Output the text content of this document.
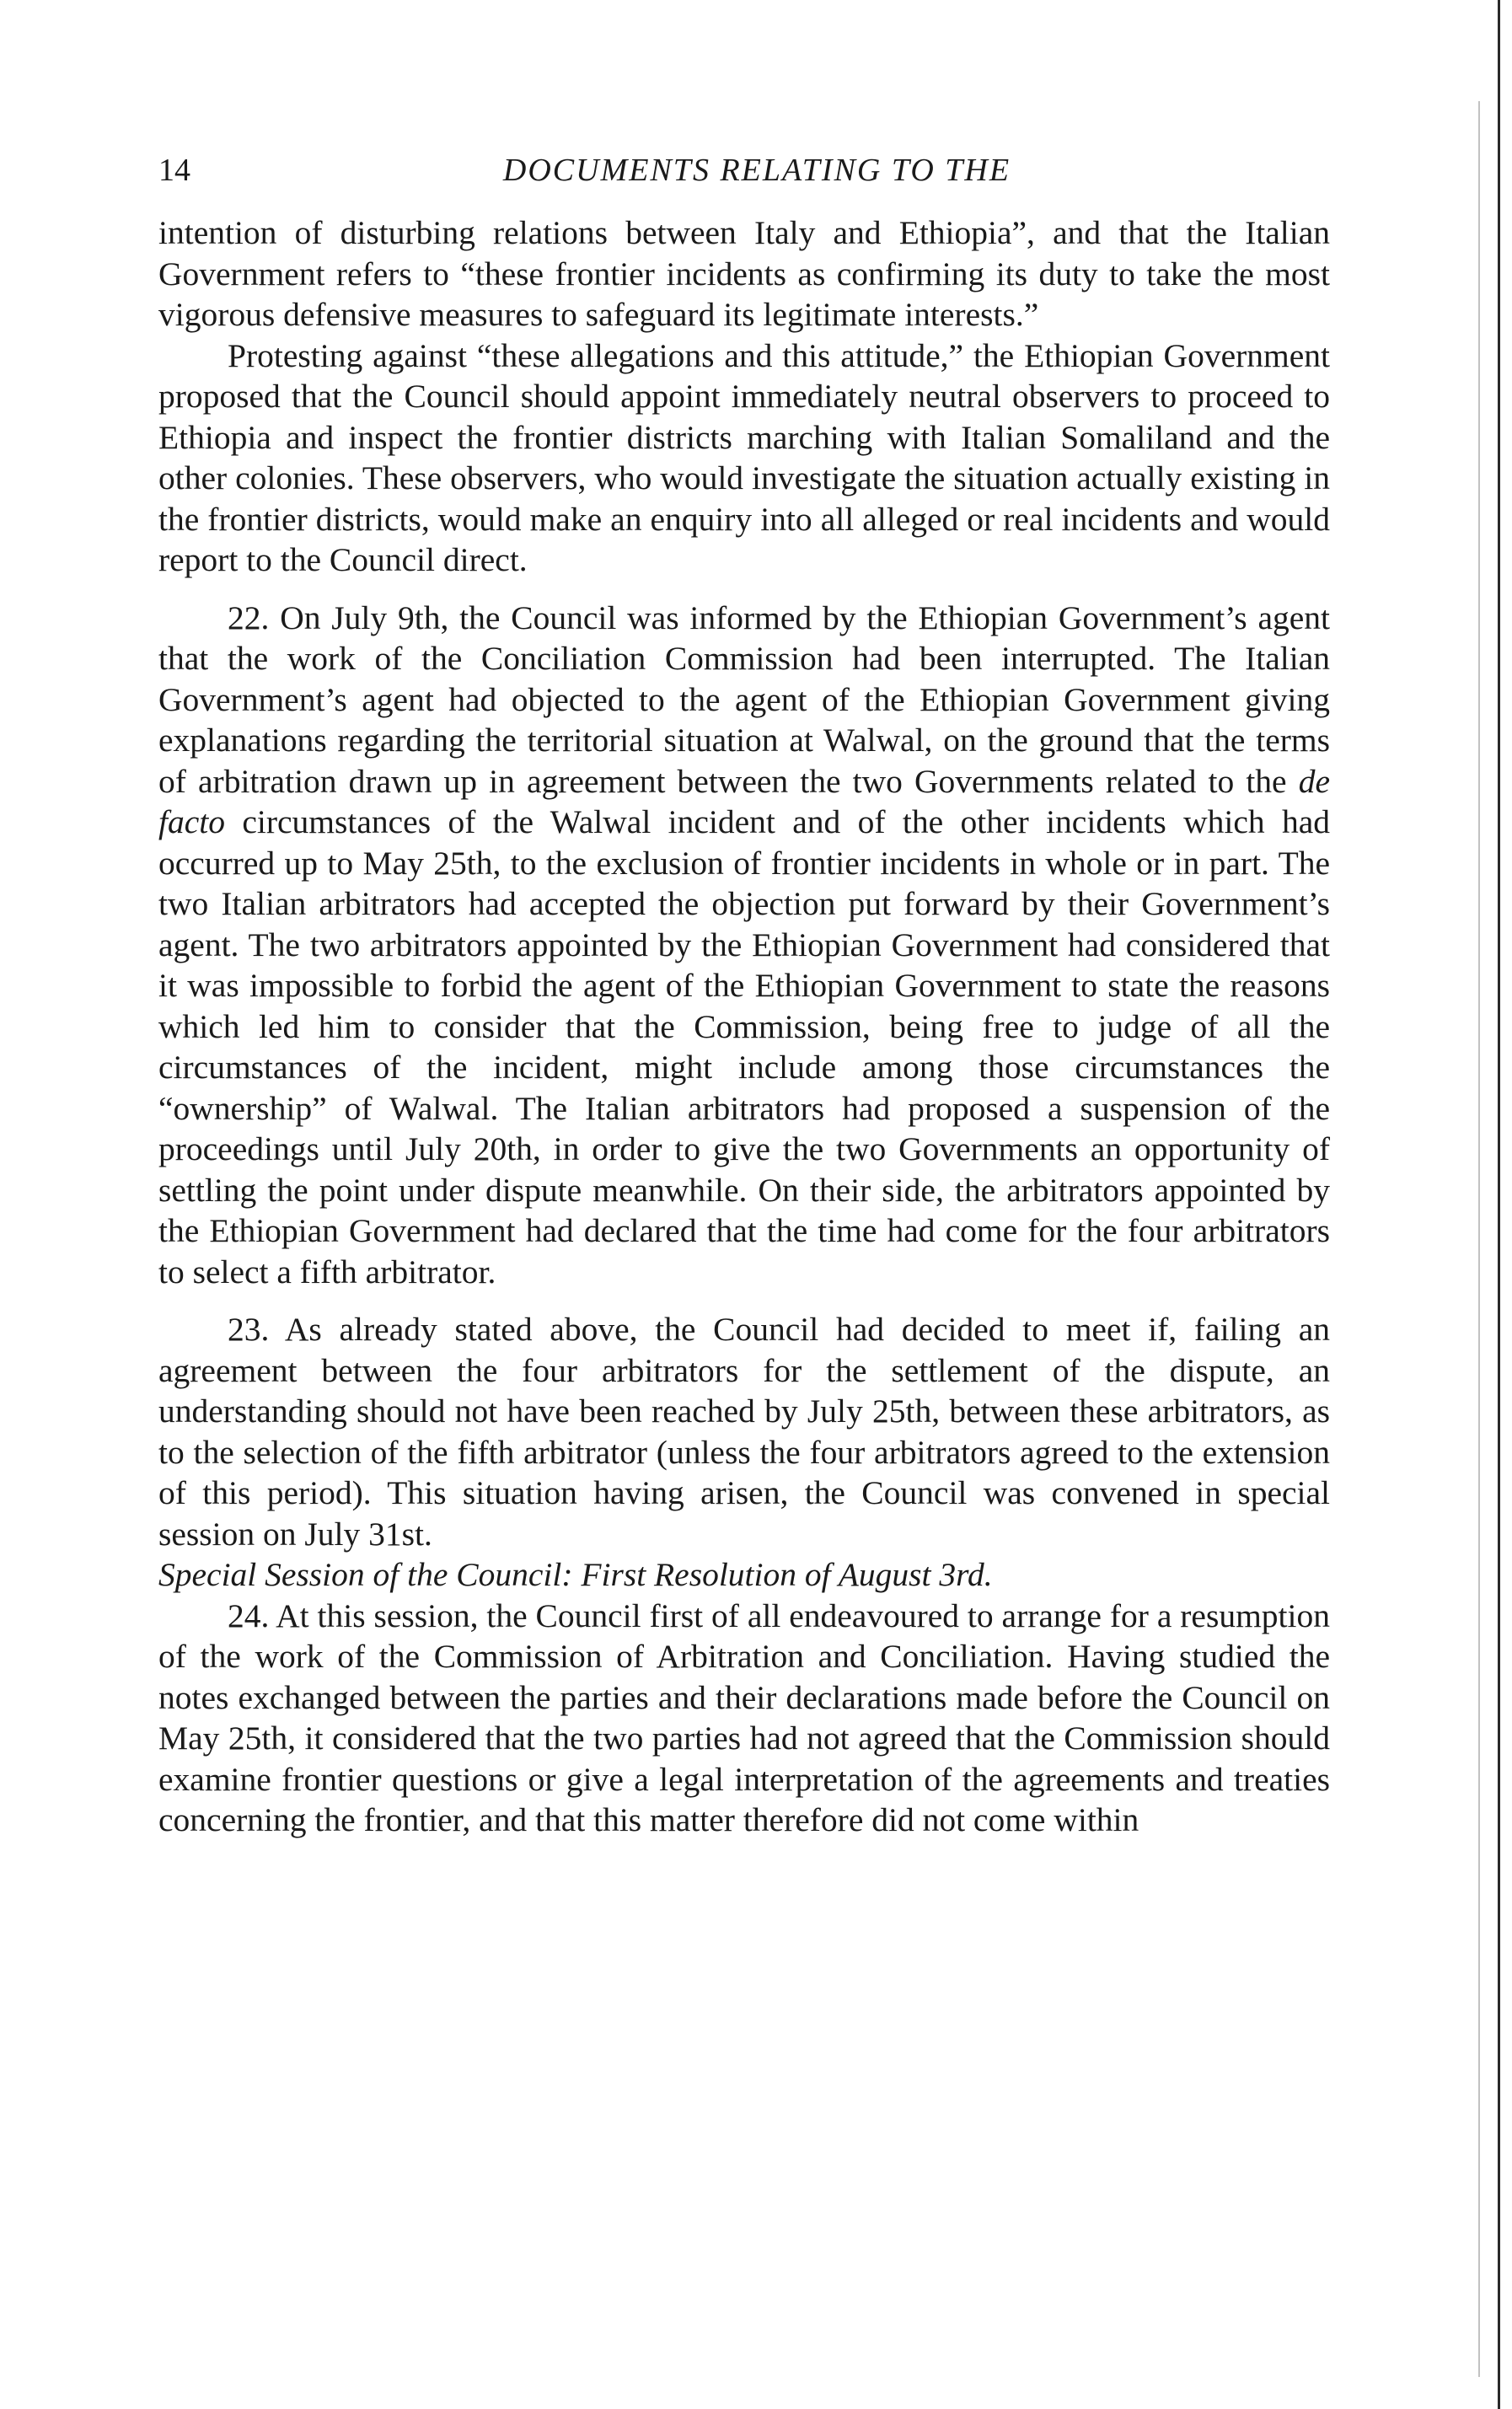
14	DOCUMENTS RELATING TO THE

intention of disturbing relations between Italy and Ethiopia”, and that the Italian Government refers to “these frontier incidents as confirming its duty to take the most vigorous defensive measures to safeguard its legitimate interests.”

Protesting against “these allegations and this attitude,” the Ethiopian Government proposed that the Council should appoint immediately neutral observers to proceed to Ethiopia and inspect the frontier districts marching with Italian Somaliland and the other colonies. These observers, who would investigate the situation actually existing in the frontier districts, would make an enquiry into all alleged or real incidents and would report to the Council direct.

22. On July 9th, the Council was informed by the Ethiopian Government’s agent that the work of the Conciliation Commission had been interrupted. The Italian Government’s agent had objected to the agent of the Ethiopian Government giving explanations regarding the territorial situation at Walwal, on the ground that the terms of arbitration drawn up in agreement between the two Governments related to the de facto circumstances of the Walwal incident and of the other incidents which had occurred up to May 25th, to the exclusion of frontier incidents in whole or in part. The two Italian arbitrators had accepted the objection put forward by their Government’s agent. The two arbitrators appointed by the Ethiopian Government had considered that it was impossible to forbid the agent of the Ethiopian Government to state the reasons which led him to consider that the Commission, being free to judge of all the circumstances of the incident, might include among those circumstances the “ownership” of Walwal. The Italian arbitrators had proposed a suspension of the proceedings until July 20th, in order to give the two Governments an opportunity of settling the point under dispute meanwhile. On their side, the arbitrators appointed by the Ethiopian Government had declared that the time had come for the four arbitrators to select a fifth arbitrator.

23. As already stated above, the Council had decided to meet if, failing an agreement between the four arbitrators for the settlement of the dispute, an understanding should not have been reached by July 25th, between these arbitrators, as to the selection of the fifth arbitrator (unless the four arbitrators agreed to the extension of this period). This situation having arisen, the Council was convened in special session on July 31st.

Special Session of the Council: First Resolution of August 3rd.

24. At this session, the Council first of all endeavoured to arrange for a resumption of the work of the Commission of Arbitration and Conciliation. Having studied the notes exchanged between the parties and their declarations made before the Council on May 25th, it considered that the two parties had not agreed that the Commission should examine frontier questions or give a legal interpretation of the agreements and treaties concerning the frontier, and that this matter therefore did not come within
